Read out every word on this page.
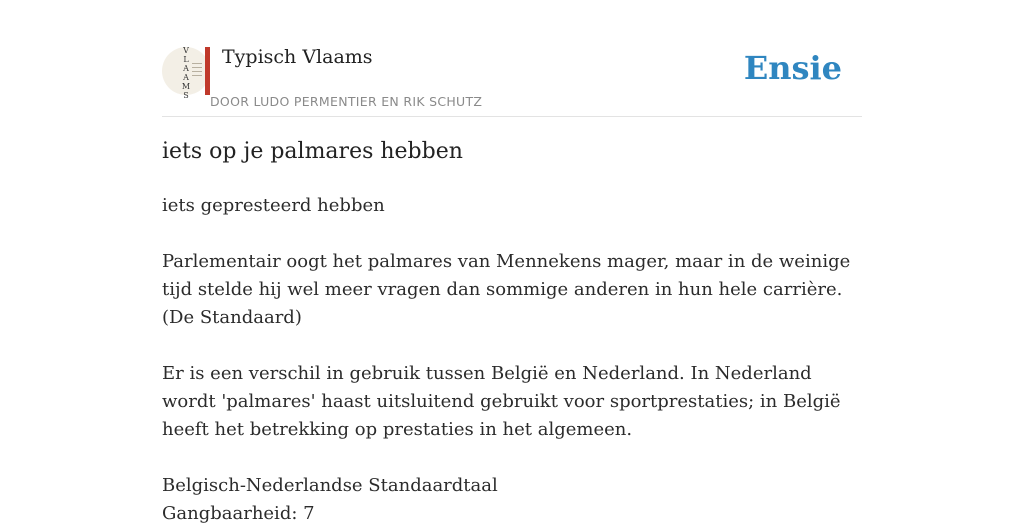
V
L
A
A
M
S
Typisch Vlaams
DOOR LUDO PERMENTIER EN RIK SCHUTZ
Ensie
iets op je palmares hebben

iets gepresteerd hebben

Parlementair oogt het palmares van Mennekens mager, maar in de weinige tijd stelde hij wel meer vragen dan sommige anderen in hun hele carrière.

(De Standaard)

Er is een verschil in gebruik tussen België en Nederland. In Nederland wordt 'palmares' haast uitsluitend gebruikt voor sportprestaties; in België heeft het betrekking op prestaties in het algemeen.

Belgisch-Nederlandse Standaardtaal

Gangbaarheid: 7
